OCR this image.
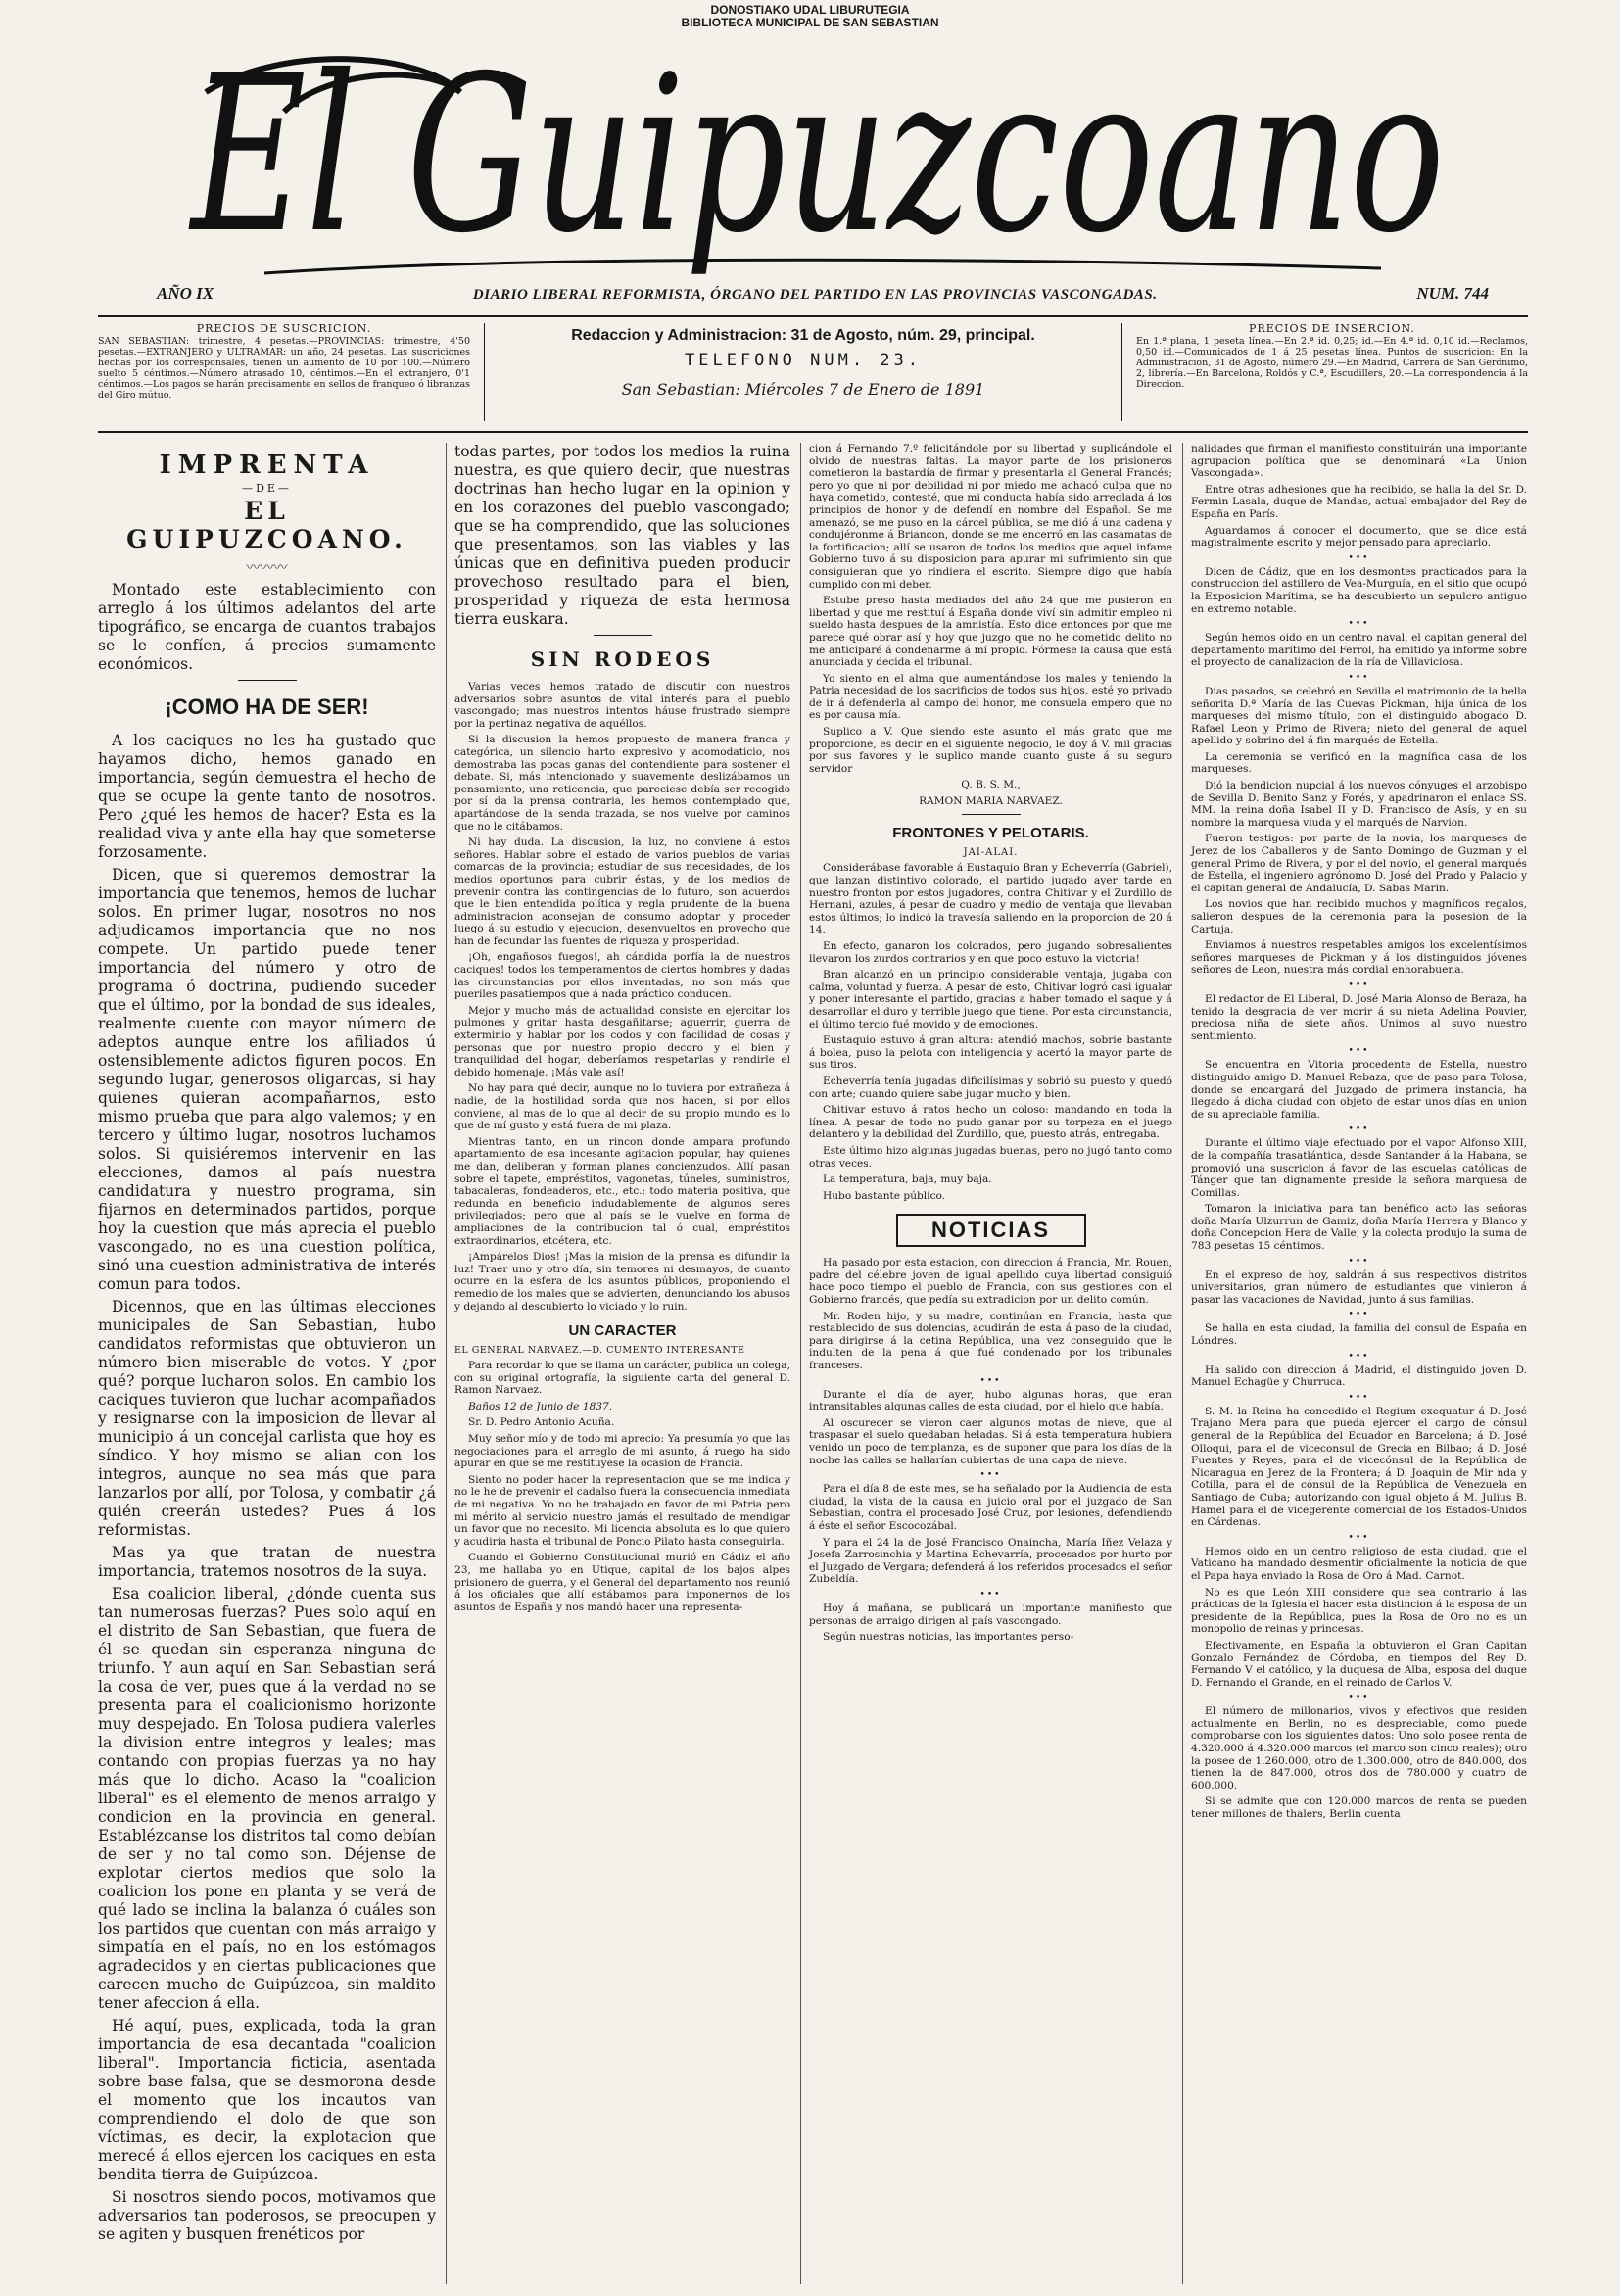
DONOSTIAKO UDAL LIBURUTEGIA
BIBLIOTECA MUNICIPAL DE SAN SEBASTIAN
El Guipuzcoano
AÑO IX	DIARIO LIBERAL REFORMISTA, ÓRGANO DEL PARTIDO EN LAS PROVINCIAS VASCONGADAS.	NUM. 744
PRECIOS DE SUSCRICION.
SAN SEBASTIAN: trimestre, 4 pesetas.—PROVINCIAS: trimestre, 4'50 pesetas.—EXTRANJERO y ULTRAMAR: un año, 24 pesetas. Las suscriciones hechas por los corresponsales, tienen un aumento de 10 por 100.—Número suelto 5 céntimos.—Número atrasado 10, céntimos.—En el extranjero, 0'1 céntimos.—Los pagos se harán precisamente en sellos de franqueo ó libranzas del Giro mútuo.
Redaccion y Administracion: 31 de Agosto, núm. 29, principal.
TELEFONO NUM. 23.
San Sebastian: Miércoles 7 de Enero de 1891
PRECIOS DE INSERCION.
En 1.ª plana, 1 peseta línea.—En 2.ª id. 0,25; id.—En 4.ª id. 0,10 id.—Reclamos, 0,50 id.—Comunicados de 1 á 25 pesetas línea. Puntos de suscricion: En la Administracion, 31 de Agosto, número 29.—En Madrid, Carrera de San Gerónimo, 2, librería.—En Barcelona, Roldós y C.ª, Escudillers, 20.—La correspondencia á la Direccion.
IMPRENTA
—DE—
EL GUIPUZCOANO.
〰〰〰

Montado este establecimiento con arreglo á los últimos adelantos del arte tipográfico, se encarga de cuantos trabajos se le confíen, á precios sumamente económicos.

¡COMO HA DE SER!

A los caciques no les ha gustado que hayamos dicho, hemos ganado en importancia, según demuestra el hecho de que se ocupe la gente tanto de nosotros. Pero ¿qué les hemos de hacer? Esta es la realidad viva y ante ella hay que someterse forzosamente.

Dicen, que si queremos demostrar la importancia que tenemos, hemos de luchar solos. En primer lugar, nosotros no nos adjudicamos importancia que no nos compete. Un partido puede tener importancia del número y otro de programa ó doctrina, pudiendo suceder que el último, por la bondad de sus ideales, realmente cuente con mayor número de adeptos aunque entre los afiliados ú ostensiblemente adictos figuren pocos. En segundo lugar, generosos oligarcas, si hay quienes quieran acompañarnos, esto mismo prueba que para algo valemos; y en tercero y último lugar, nosotros luchamos solos. Si quisiéremos intervenir en las elecciones, damos al país nuestra candidatura y nuestro programa, sin fijarnos en determinados partidos, porque hoy la cuestion que más aprecia el pueblo vascongado, no es una cuestion política, sinó una cuestion administrativa de interés comun para todos.

Dicennos, que en las últimas elecciones municipales de San Sebastian, hubo candidatos reformistas que obtuvieron un número bien miserable de votos. Y ¿por qué? porque lucharon solos. En cambio los caciques tuvieron que luchar acompañados y resignarse con la imposicion de llevar al municipio á un concejal carlista que hoy es síndico. Y hoy mismo se alian con los integros, aunque no sea más que para lanzarlos por allí, por Tolosa, y combatir ¿á quién creerán ustedes? Pues á los reformistas.

Mas ya que tratan de nuestra importancia, tratemos nosotros de la suya.

Esa coalicion liberal, ¿dónde cuenta sus tan numerosas fuerzas? Pues solo aquí en el distrito de San Sebastian, que fuera de él se quedan sin esperanza ninguna de triunfo. Y aun aquí en San Sebastian será la cosa de ver, pues que á la verdad no se presenta para el coalicionismo horizonte muy despejado. En Tolosa pudiera valerles la division entre integros y leales; mas contando con propias fuerzas ya no hay más que lo dicho. Acaso la "coalicion liberal" es el elemento de menos arraigo y condicion en la provincia en general. Establézcanse los distritos tal como debían de ser y no tal como son. Déjense de explotar ciertos medios que solo la coalicion los pone en planta y se verá de qué lado se inclina la balanza ó cuáles son los partidos que cuentan con más arraigo y simpatía en el país, no en los estómagos agradecidos y en ciertas publicaciones que carecen mucho de Guipúzcoa, sin maldito tener afeccion á ella.

Hé aquí, pues, explicada, toda la gran importancia de esa decantada "coalicion liberal". Importancia ficticia, asentada sobre base falsa, que se desmorona desde el momento que los incautos van comprendiendo el dolo de que son víctimas, es decir, la explotacion que merecé á ellos ejercen los caciques en esta bendita tierra de Guipúzcoa.

Si nosotros siendo pocos, motivamos que adversarios tan poderosos, se preocupen y se agiten y busquen frenéticos por

todas partes, por todos los medios la ruina nuestra, es que quiero decir, que nuestras doctrinas han hecho lugar en la opinion y en los corazones del pueblo vascongado; que se ha comprendido, que las soluciones que presentamos, son las viables y las únicas que en definitiva pueden producir provechoso resultado para el bien, prosperidad y riqueza de esta hermosa tierra euskara.

SIN RODEOS

Varias veces hemos tratado de discutir con nuestros adversarios sobre asuntos de vital interés para el pueblo vascongado; mas nuestros intentos háuse frustrado siempre por la pertinaz negativa de aquéllos.

Si la discusion la hemos propuesto de manera franca y categórica, un silencio harto expresivo y acomodaticio, nos demostraba las pocas ganas del contendiente para sostener el debate. Si, más intencionado y suavemente deslizábamos un pensamiento, una reticencia, que pareciese debía ser recogido por sí da la prensa contraria, les hemos contemplado que, apartándose de la senda trazada, se nos vuelve por caminos que no le citábamos.

Ni hay duda. La discusion, la luz, no conviene á estos señores. Hablar sobre el estado de varios pueblos de varias comarcas de la provincia; estudiar de sus necesidades, de los medios oportunos para cubrir éstas, y de los medios de prevenir contra las contingencias de lo futuro, son acuerdos que le bien entendida política y regla prudente de la buena administracion aconsejan de consumo adoptar y proceder luego á su estudio y ejecucion, desenvueltos en provecho que han de fecundar las fuentes de riqueza y prosperidad.

¡Oh, engañosos fuegos!, ah cándida porfía la de nuestros caciques! todos los temperamentos de ciertos hombres y dadas las circunstancias por ellos inventadas, no son más que pueriles pasatiempos que á nada práctico conducen.

Mejor y mucho más de actualidad consiste en ejercitar los pulmones y gritar hasta desgañitarse; aguerrir, guerra de exterminio y hablar por los codos y con facilidad de cosas y personas que por nuestro propio decoro y el bien y tranquilidad del hogar, deberíamos respetarlas y rendirle el debido homenaje. ¡Más vale así!

No hay para qué decir, aunque no lo tuviera por extrañeza á nadie, de la hostilidad sorda que nos hacen, si por ellos conviene, al mas de lo que al decir de su propio mundo es lo que de mí gusto y está fuera de mi plaza.

Mientras tanto, en un rincon donde ampara profundo apartamiento de esa incesante agitacion popular, hay quienes me dan, deliberan y forman planes concienzudos. Allí pasan sobre el tapete, empréstitos, vagonetas, túneles, suministros, tabacaleras, fondeaderos, etc., etc.; todo materia positiva, que redunda en beneficio indudablemente de algunos seres privilegiados; pero que al país se le vuelve en forma de ampliaciones de la contribucion tal ó cual, empréstitos extraordinarios, etcétera, etc.

¡Ampárelos Dios! ¡Mas la mision de la prensa es difundir la luz! Traer uno y otro día, sin temores ni desmayos, de cuanto ocurre en la esfera de los asuntos públicos, proponiendo el remedio de los males que se advierten, denunciando los abusos y dejando al descubierto lo viciado y lo ruin.

UN CARACTER
EL GENERAL NARVAEZ.—D. CUMENTO INTERESANTE

Para recordar lo que se llama un carácter, publica un colega, con su original ortografía, la siguiente carta del general D. Ramon Narvaez.

Baños 12 de Junio de 1837.

Sr. D. Pedro Antonio Acuña.

Muy señor mío y de todo mi aprecio: Ya presumía yo que las negociaciones para el arreglo de mi asunto, á ruego ha sido apurar en que se me restituyese la ocasion de Francia.

Siento no poder hacer la representacion que se me indica y no le he de prevenir el cadalso fuera la consecuencia inmediata de mi negativa. Yo no he trabajado en favor de mi Patria pero mi mérito al servicio nuestro jamás el resultado de mendigar un favor que no necesito. Mi licencia absoluta es lo que quiero y acudiría hasta el tribunal de Poncio Pilato hasta conseguirla.

Cuando el Gobierno Constitucional murió en Cádiz el año 23, me hallaba yo en Utique, capital de los bajos alpes prisionero de guerra, y el General del departamento nos reunió á los oficiales que allí estábamos para imponernos de los asuntos de España y nos mandó hacer una representa-

cion á Fernando 7.º felicitándole por su libertad y suplicándole el olvido de nuestras faltas. La mayor parte de los prisioneros cometieron la bastardía de firmar y presentarla al General Francés; pero yo que ni por debilidad ni por miedo me achacó culpa que no haya cometido, contesté, que mi conducta había sido arreglada á los principios de honor y de defendí en nombre del Español. Se me amenazó, se me puso en la cárcel pública, se me dió á una cadena y condujéronme á Briancon, donde se me encerró en las casamatas de la fortificacion; allí se usaron de todos los medios que aquel infame Gobierno tuvo á su disposicion para apurar mi sufrimiento sin que consiguieran que yo rindiera el escrito. Siempre digo que había cumplido con mi deber.

Estube preso hasta mediados del año 24 que me pusieron en libertad y que me restituí á España donde viví sin admitir empleo ni sueldo hasta despues de la amnistía. Esto dice entonces por que me parece qué obrar así y hoy que juzgo que no he cometido delito no me anticiparé á condenarme á mí propio. Fórmese la causa que está anunciada y decida el tribunal.

Yo siento en el alma que aumentándose los males y teniendo la Patria necesidad de los sacrificios de todos sus hijos, esté yo privado de ir á defenderla al campo del honor, me consuela empero que no es por causa mía.

Suplico a V. Que siendo este asunto el más grato que me proporcione, es decir en el siguiente negocio, le doy á V. mil gracias por sus favores y le suplico mande cuanto guste á su seguro servidor

Q. B. S. M.,
RAMON MARIA NARVAEZ.
FRONTONES Y PELOTARIS.
JAI-ALAI.

Considerábase favorable á Eustaquio Bran y Echeverría (Gabriel), que lanzan distintivo colorado, el partido jugado ayer tarde en nuestro fronton por estos jugadores, contra Chitivar y el Zurdillo de Hernani, azules, á pesar de cuadro y medio de ventaja que llevaban estos últimos; lo indicó la travesía saliendo en la proporcion de 20 á 14.

En efecto, ganaron los colorados, pero jugando sobresalientes llevaron los zurdos contrarios y en que poco estuvo la victoria!

Bran alcanzó en un principio considerable ventaja, jugaba con calma, voluntad y fuerza. A pesar de esto, Chitivar logró casi igualar y poner interesante el partido, gracias a haber tomado el saque y á desarrollar el duro y terrible juego que tiene. Por esta circunstancia, el último tercio fué movido y de emociones.

Eustaquio estuvo á gran altura: atendió machos, sobrie bastante á bolea, puso la pelota con inteligencia y acertó la mayor parte de sus tiros.

Echeverría tenía jugadas dificilísimas y sobrió su puesto y quedó con arte; cuando quiere sabe jugar mucho y bien.

Chitivar estuvo á ratos hecho un coloso: mandando en toda la línea. A pesar de todo no pudo ganar por su torpeza en el juego delantero y la debilidad del Zurdillo, que, puesto atrás, entregaba.

Este último hizo algunas jugadas buenas, pero no jugó tanto como otras veces.

La temperatura, baja, muy baja.

Hubo bastante público.

NOTICIAS

Ha pasado por esta estacion, con direccion á Francia, Mr. Rouen, padre del célebre joven de igual apellido cuya libertad consiguió hace poco tiempo el pueblo de Francia, con sus gestiones con el Gobierno francés, que pedía su extradicion por un delito común.

Mr. Roden hijo, y su madre, continúan en Francia, hasta que restablecido de sus dolencias, acudirán de esta á paso de la ciudad, para dirigirse á la cetina República, una vez conseguido que le indulten de la pena á que fué condenado por los tribunales franceses.

•••

Durante el día de ayer, hubo algunas horas, que eran intransitables algunas calles de esta ciudad, por el hielo que había.

Al oscurecer se vieron caer algunos motas de nieve, que al traspasar el suelo quedaban heladas. Si á esta temperatura hubiera venido un poco de templanza, es de suponer que para los días de la noche las calles se hallarían cubiertas de una capa de nieve.

•••

Para el día 8 de este mes, se ha señalado por la Audiencia de esta ciudad, la vista de la causa en juicio oral por el juzgado de San Sebastian, contra el procesado José Cruz, por lesiones, defendiendo á éste el señor Escocozábal.

Y para el 24 la de José Francisco Onaincha, María Iñez Velaza y Josefa Zarrosinchia y Martina Echevarría, procesados por hurto por el Juzgado de Vergara; defenderá á los referidos procesados el señor Zubeldía.

•••

Hoy á mañana, se publicará un importante manifiesto que personas de arraigo dirigen al país vascongado.

Según nuestras noticias, las importantes perso-

nalidades que firman el manifiesto constituirán una importante agrupacion política que se denominará «La Union Vascongada».

Entre otras adhesiones que ha recibido, se halla la del Sr. D. Fermin Lasala, duque de Mandas, actual embajador del Rey de España en París.

Aguardamos á conocer el documento, que se dice está magistralmente escrito y mejor pensado para apreciarlo.

•••

Dicen de Cádiz, que en los desmontes practicados para la construccion del astillero de Vea-Murguía, en el sitio que ocupó la Exposicion Marítima, se ha descubierto un sepulcro antiguo en extremo notable.

•••

Según hemos oido en un centro naval, el capitan general del departamento marítimo del Ferrol, ha emitido ya informe sobre el proyecto de canalizacion de la ría de Villaviciosa.

•••

Dias pasados, se celebró en Sevilla el matrimonio de la bella señorita D.ª María de las Cuevas Pickman, hija única de los marqueses del mismo título, con el distinguido abogado D. Rafael Leon y Primo de Rivera; nieto del general de aquel apellido y sobrino del á fin marqués de Estella.

La ceremonia se verificó en la magnífica casa de los marqueses.

Dió la bendicion nupcial á los nuevos cónyuges el arzobispo de Sevilla D. Benito Sanz y Forés, y apadrinaron el enlace SS. MM. la reina doña Isabel II y D. Francisco de Asís, y en su nombre la marquesa viuda y el marqués de Narvion.

Fueron testigos: por parte de la novia, los marqueses de Jerez de los Caballeros y de Santo Domingo de Guzman y el general Primo de Rivera, y por el del novio, el general marqués de Estella, el ingeniero agrónomo D. José del Prado y Palacio y el capitan general de Andalucía, D. Sabas Marin.

Los novios que han recibido muchos y magníficos regalos, salieron despues de la ceremonia para la posesion de la Cartuja.

Enviamos á nuestros respetables amigos los excelentísimos señores marqueses de Pickman y á los distinguidos jóvenes señores de Leon, nuestra más cordial enhorabuena.

•••

El redactor de El Liberal, D. José María Alonso de Beraza, ha tenido la desgracia de ver morir á su nieta Adelina Pouvier, preciosa niña de siete años. Unimos al suyo nuestro sentimiento.

•••

Se encuentra en Vitoria procedente de Estella, nuestro distinguido amigo D. Manuel Rebaza, que de paso para Tolosa, donde se encargará del Juzgado de primera instancia, ha llegado á dicha ciudad con objeto de estar unos días en union de su apreciable familia.

•••

Durante el último viaje efectuado por el vapor Alfonso XIII, de la compañía trasatlántica, desde Santander á la Habana, se promovió una suscricion á favor de las escuelas católicas de Tánger que tan dignamente preside la señora marquesa de Comillas.

Tomaron la iniciativa para tan benéfico acto las señoras doña María Ulzurrun de Gamiz, doña María Herrera y Blanco y doña Concepcion Hera de Valle, y la colecta produjo la suma de 783 pesetas 15 céntimos.

•••

En el expreso de hoy, saldrán á sus respectivos distritos universitarios, gran número de estudiantes que vinieron á pasar las vacaciones de Navidad, junto á sus familias.

•••

Se halla en esta ciudad, la familia del consul de España en Lóndres.

•••

Ha salido con direccion á Madrid, el distinguido joven D. Manuel Echagüe y Churruca.

•••

S. M. la Reina ha concedido el Regium exequatur á D. José Trajano Mera para que pueda ejercer el cargo de cónsul general de la República del Ecuador en Barcelona; á D. José Olloqui, para el de viceconsul de Grecia en Bilbao; á D. José Fuentes y Reyes, para el de vicecónsul de la República de Nicaragua en Jerez de la Frontera; á D. Joaquin de Mir nda y Cotilla, para el de cónsul de la República de Venezuela en Santiago de Cuba; autorizando con igual objeto á M. Julius B. Hamel para el de vicegerente comercial de los Estados-Unidos en Cárdenas.

•••

Hemos oido en un centro religioso de esta ciudad, que el Vaticano ha mandado desmentir oficialmente la noticia de que el Papa haya enviado la Rosa de Oro á Mad. Carnot.

No es que León XIII considere que sea contrario á las prácticas de la Iglesia el hacer esta distincion á la esposa de un presidente de la República, pues la Rosa de Oro no es un monopolio de reinas y princesas.

Efectivamente, en España la obtuvieron el Gran Capitan Gonzalo Fernández de Córdoba, en tiempos del Rey D. Fernando V el católico, y la duquesa de Alba, esposa del duque D. Fernando el Grande, en el reinado de Carlos V.

•••

El número de millonarios, vivos y efectivos que residen actualmente en Berlin, no es despreciable, como puede comprobarse con los siguientes datos: Uno solo posee renta de 4.320.000 á 4.320.000 marcos (el marco son cinco reales); otro la posee de 1.260.000, otro de 1.300.000, otro de 840.000, dos tienen la de 847.000, otros dos de 780.000 y cuatro de 600.000.

Si se admite que con 120.000 marcos de renta se pueden tener millones de thalers, Berlin cuenta
